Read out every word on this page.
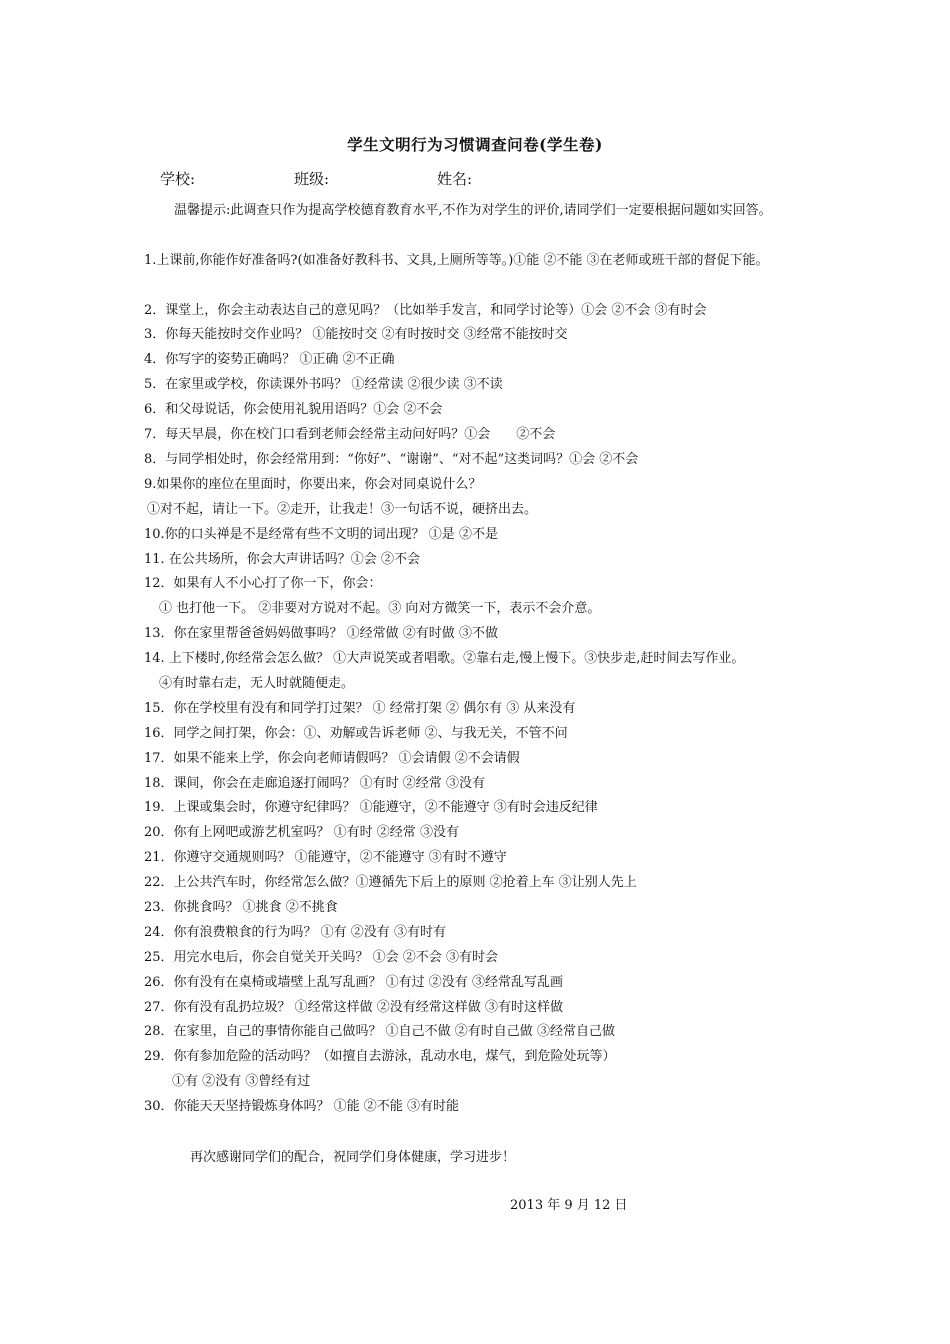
学生文明行为习惯调查问卷(学生卷)
学校:	班级:	姓名:
温馨提示:此调查只作为提高学校德育教育水平,不作为对学生的评价,请同学们一定要根据问题如实回答。
1.上课前,你能作好准备吗?(如准备好教科书、文具,上厕所等等。)①能 ②不能 ③在老师或班干部的督促下能。
2．课堂上，你会主动表达自己的意见吗？（比如举手发言，和同学讨论等）①会 ②不会 ③有时会
3．你每天能按时交作业吗？ ①能按时交 ②有时按时交 ③经常不能按时交
4．你写字的姿势正确吗？ ①正确 ②不正确
5．在家里或学校，你读课外书吗？ ①经常读 ②很少读 ③不读
6．和父母说话，你会使用礼貌用语吗？①会 ②不会
7．每天早晨，你在校门口看到老师会经常主动问好吗？①会　　②不会
8．与同学相处时，你会经常用到：“你好”、“谢谢”、“对不起”这类词吗？①会 ②不会
9.如果你的座位在里面时，你要出来，你会对同桌说什么？
①对不起，请让一下。②走开，让我走！③一句话不说，硬挤出去。
10.你的口头禅是不是经常有些不文明的词出现？ ①是 ②不是
11. 在公共场所，你会大声讲话吗？①会 ②不会
12．如果有人不小心打了你一下，你会：
① 也打他一下。 ②非要对方说对不起。③ 向对方微笑一下，表示不会介意。
13．你在家里帮爸爸妈妈做事吗？ ①经常做 ②有时做 ③不做
14. 上下楼时,你经常会怎么做？ ①大声说笑或者唱歌。②靠右走,慢上慢下。③快步走,赶时间去写作业。
④有时靠右走，无人时就随便走。
15．你在学校里有没有和同学打过架？ ① 经常打架 ② 偶尔有 ③ 从来没有
16．同学之间打架，你会：①、劝解或告诉老师 ②、与我无关，不管不问
17．如果不能来上学，你会向老师请假吗？ ①会请假 ②不会请假
18．课间，你会在走廊追逐打闹吗？ ①有时 ②经常 ③没有
19．上课或集会时，你遵守纪律吗？ ①能遵守，②不能遵守 ③有时会违反纪律
20．你有上网吧或游艺机室吗？ ①有时 ②经常 ③没有
21．你遵守交通规则吗？ ①能遵守，②不能遵守 ③有时不遵守
22．上公共汽车时，你经常怎么做？①遵循先下后上的原则 ②抢着上车 ③让别人先上
23．你挑食吗？ ①挑食 ②不挑食
24．你有浪费粮食的行为吗？ ①有 ②没有 ③有时有
25．用完水电后，你会自觉关开关吗？ ①会 ②不会 ③有时会
26．你有没有在桌椅或墙壁上乱写乱画？ ①有过 ②没有 ③经常乱写乱画
27．你有没有乱扔垃圾？ ①经常这样做 ②没有经常这样做 ③有时这样做
28．在家里，自己的事情你能自己做吗？ ①自己不做 ②有时自己做 ③经常自己做
29．你有参加危险的活动吗？（如擅自去游泳，乱动水电，煤气，到危险处玩等）
①有 ②没有 ③曾经有过
30．你能天天坚持锻炼身体吗？ ①能 ②不能 ③有时能
再次感谢同学们的配合，祝同学们身体健康，学习进步！
2013 年 9 月 12 日
